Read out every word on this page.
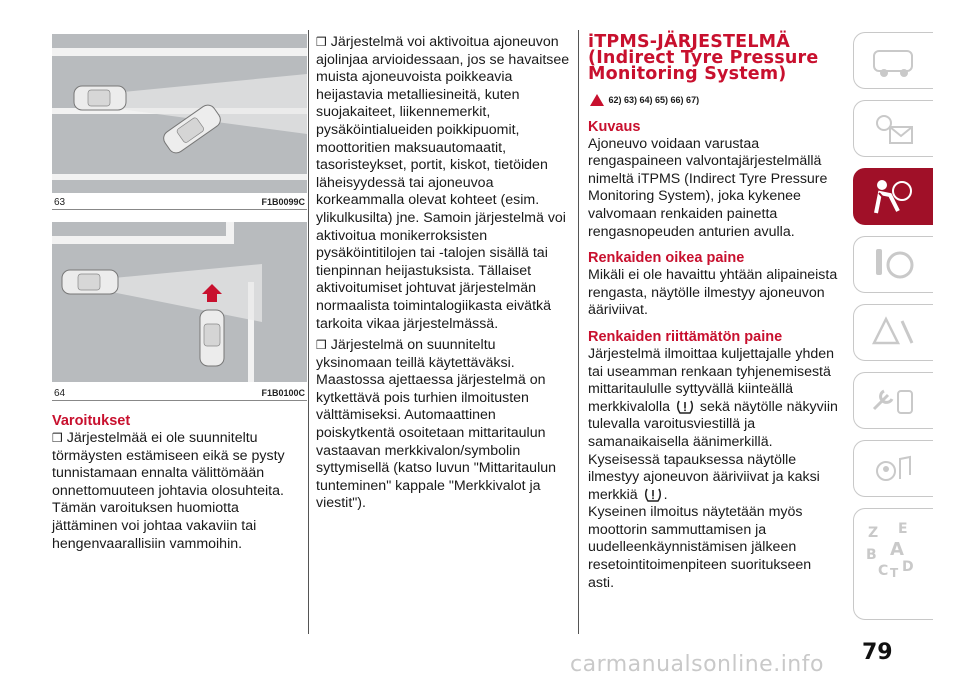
63	F1B0099C
64	F1B0100C
Varoitukset

❒ Järjestelmää ei ole suunniteltu törmäysten estämiseen eikä se pysty tunnistamaan ennalta välittömään onnettomuuteen johtavia olosuhteita. Tämän varoituksen huomiotta jättäminen voi johtaa vakaviin tai hengenvaarallisiin vammoihin.

❒ Järjestelmä voi aktivoitua ajoneuvon ajolinjaa arvioidessaan, jos se havaitsee muista ajoneuvoista poikkeavia heijastavia metalliesineitä, kuten suojakaiteet, liikennemerkit, pysäköintialueiden poikkipuomit, moottoritien maksuautomaatit, tasoristeykset, portit, kiskot, tietöiden läheisyydessä tai ajoneuvoa korkeammalla olevat kohteet (esim. ylikulkusilta) jne. Samoin järjestelmä voi aktivoitua monikerroksisten pysäköintitilojen tai -talojen sisällä tai tienpinnan heijastuksista. Tällaiset aktivoitumiset johtuvat järjestelmän normaalista toimintalogiikasta eivätkä tarkoita vikaa järjestelmässä.

❒ Järjestelmä on suunniteltu yksinomaan teillä käytettäväksi. Maastossa ajettaessa järjestelmä on kytkettävä pois turhien ilmoitusten välttämiseksi. Automaattinen poiskytkentä osoitetaan mittaritaulun vastaavan merkkivalon/symbolin syttymisellä (katso luvun "Mittaritaulun tunteminen" kappale "Merkkivalot ja viestit").

iTPMS-JÄRJESTELMÄ (Indirect Tyre Pressure Monitoring System)
62) 63) 64) 65) 66) 67)
Kuvaus

Ajoneuvo voidaan varustaa rengaspaineen valvontajärjestelmällä nimeltä iTPMS (Indirect Tyre Pressure Monitoring System), joka kykenee valvomaan renkaiden painetta rengasnopeuden anturien avulla.

Renkaiden oikea paine

Mikäli ei ole havaittu yhtään alipaineista rengasta, näytölle ilmestyy ajoneuvon ääriviivat.

Renkaiden riittämätön paine

Järjestelmä ilmoittaa kuljettajalle yhden tai useamman renkaan tyhjenemisestä mittaritaululle syttyvällä kiinteällä merkkivalolla sekä näytölle näkyviin tulevalla varoitusviestillä ja samanaikaisella äänimerkillä. Kyseisessä tapauksessa näytölle ilmestyy ajoneuvon ääriviivat ja kaksi merkkiä .
Kyseinen ilmoitus näytetään myös moottorin sammuttamisen ja uudelleenkäynnistämisen jälkeen resetointitoimenpiteen suoritukseen asti.

Z E
B A
C T D
79
carmanualsonline.info
